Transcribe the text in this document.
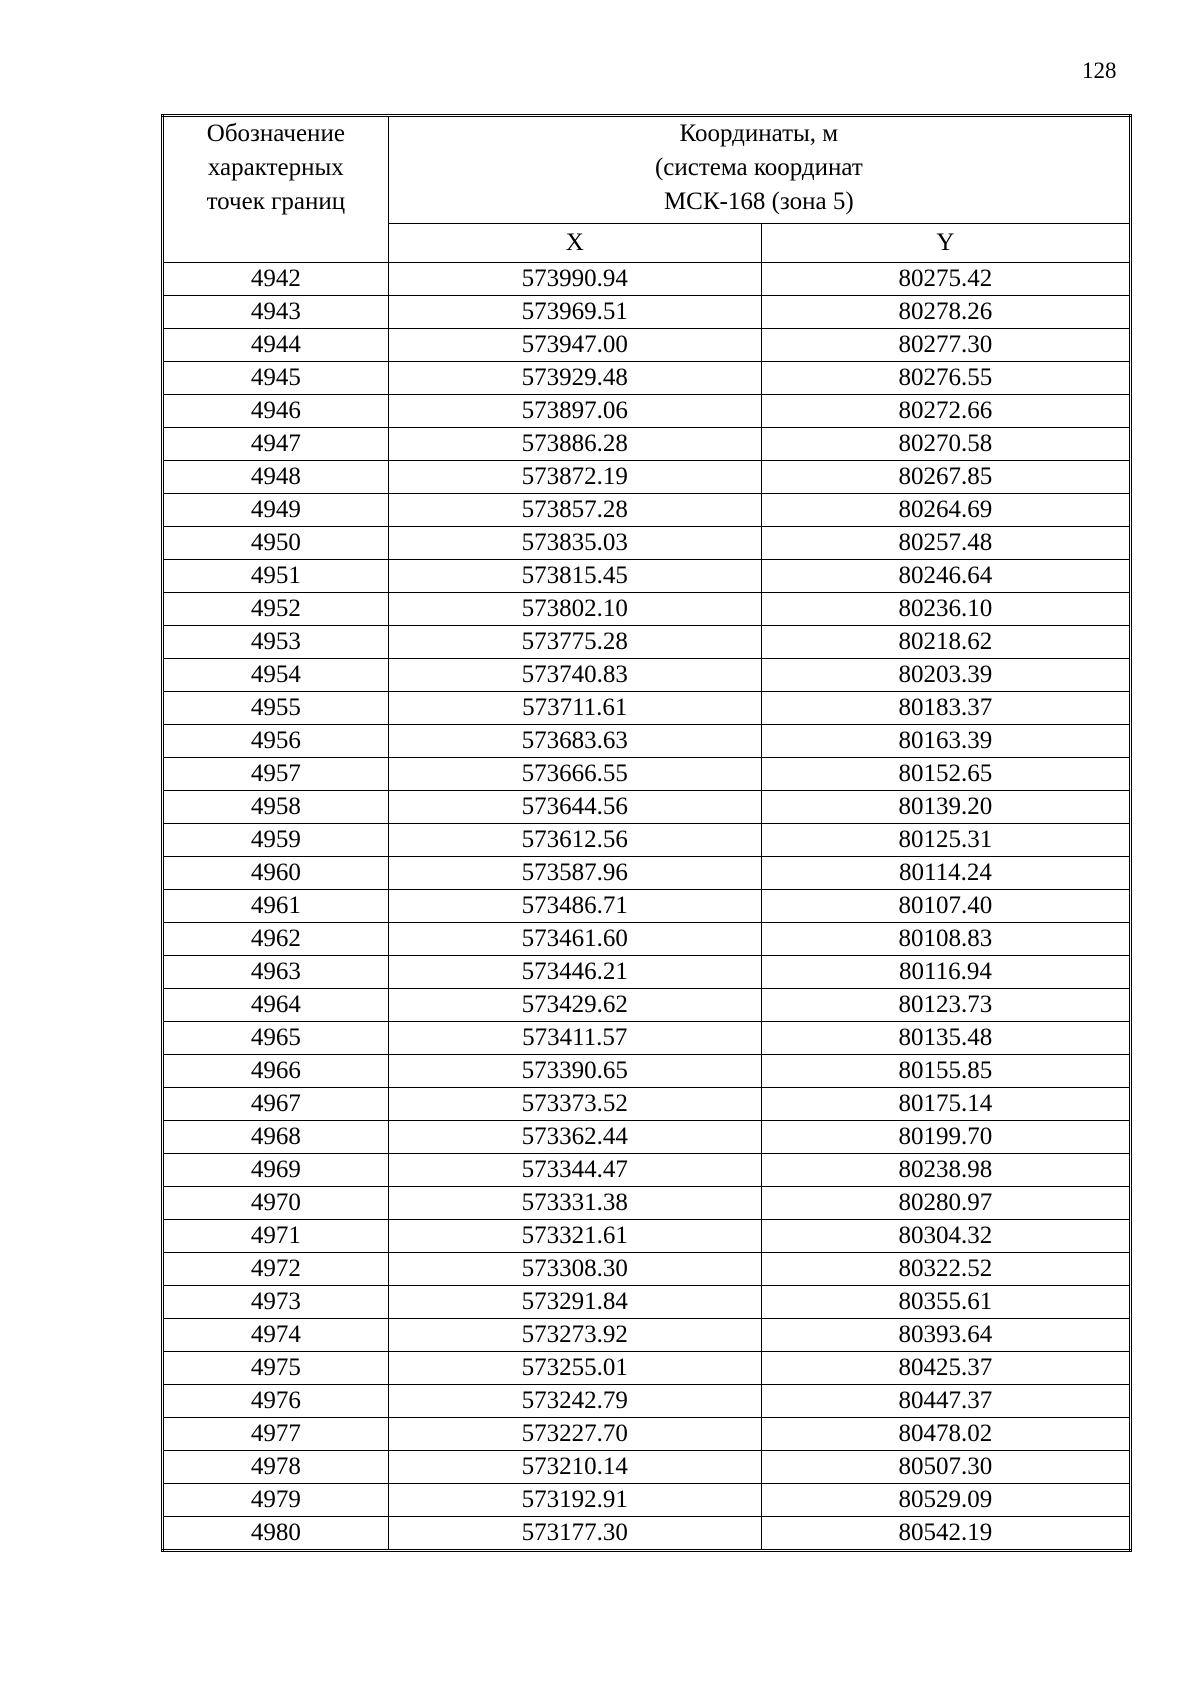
128
Обозначение
характерных
точек границ	Координаты, м
(система координат
МСК-168 (зона 5)	

	X	Y
4942	573990.94	80275.42
4943	573969.51	80278.26
4944	573947.00	80277.30
4945	573929.48	80276.55
4946	573897.06	80272.66
4947	573886.28	80270.58
4948	573872.19	80267.85
4949	573857.28	80264.69
4950	573835.03	80257.48
4951	573815.45	80246.64
4952	573802.10	80236.10
4953	573775.28	80218.62
4954	573740.83	80203.39
4955	573711.61	80183.37
4956	573683.63	80163.39
4957	573666.55	80152.65
4958	573644.56	80139.20
4959	573612.56	80125.31
4960	573587.96	80114.24
4961	573486.71	80107.40
4962	573461.60	80108.83
4963	573446.21	80116.94
4964	573429.62	80123.73
4965	573411.57	80135.48
4966	573390.65	80155.85
4967	573373.52	80175.14
4968	573362.44	80199.70
4969	573344.47	80238.98
4970	573331.38	80280.97
4971	573321.61	80304.32
4972	573308.30	80322.52
4973	573291.84	80355.61
4974	573273.92	80393.64
4975	573255.01	80425.37
4976	573242.79	80447.37
4977	573227.70	80478.02
4978	573210.14	80507.30
4979	573192.91	80529.09
4980	573177.30	80542.19
